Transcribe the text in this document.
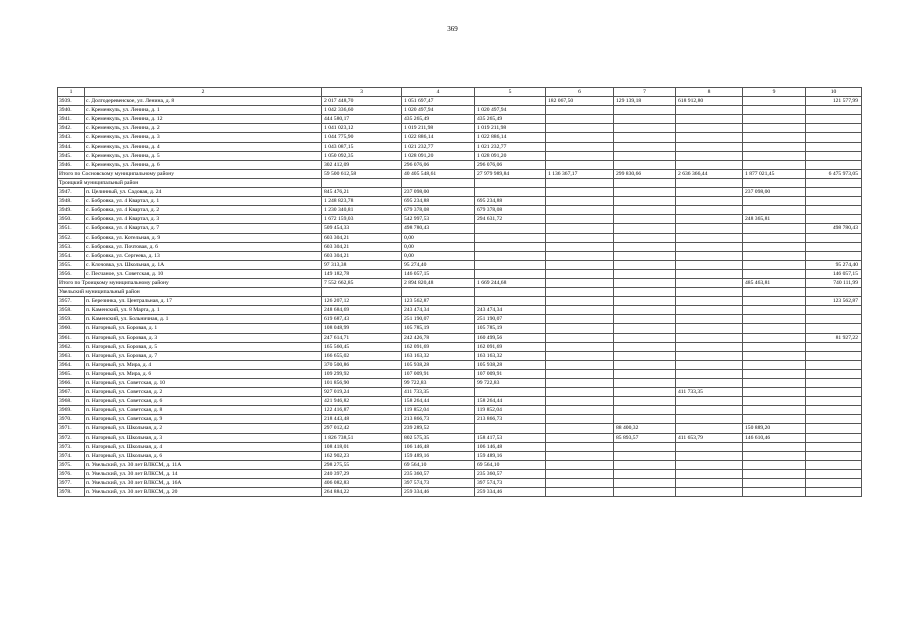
369
1	2	3	4	5	6	7	8	9	10
3939.	с. Долгодеревенское, ул. Ленина, д. 8	2 017 448,70	1 051 697,47		182 067,50	129 139,18	618 912,80		121 577,99
3940.	с. Кременкуль, ул. Ленина, д. 1	1 042 336,60	1 020 497,94	1 020 497,94					
3941.	с. Кременкуль, ул. Ленина, д. 12	444 580,17	435 265,49	435 265,49					
3942.	с. Кременкуль, ул. Ленина, д. 2	1 041 023,12	1 019 211,98	1 019 211,98					
3943.	с. Кременкуль, ул. Ленина, д. 3	1 044 775,90	1 022 886,14	1 022 886,14					
3944.	с. Кременкуль, ул. Ленина, д. 4	1 043 087,15	1 021 232,77	1 021 232,77					
3945.	с. Кременкуль, ул. Ленина, д. 5	1 050 092,35	1 028 091,20	1 028 091,20					
3946.	с. Кременкуль, ул. Ленина, д. 6	302 412,09	296 076,06	296 076,06					
Итого по Сосновскому муниципальному району		59 500 612,58	40 405 548,61	27 979 989,84	1 136 367,17	299 830,66	2 636 366,44	1 877 021,45	6 475 973,05
Троицкий муниципальный район									
3947.	п. Целинный, ул. Садовая, д. 24	845 476,21	237 098,00					237 098,00	
3948.	с. Бобровка, ул. 4 Квартал, д. 1	1 248 823,78	695 234,88	695 234,88					
3949.	с. Бобровка, ул. 4 Квартал, д. 2	1 230 340,81	679 378,08	679 378,08					
3950.	с. Бобровка, ул. 4 Квартал, д. 3	1 672 159,03	542 997,53	294 631,72				248 365,81	
3951.	с. Бобровка, ул. 4 Квартал, д. 7	509 454,33	498 780,43						498 780,43
3952.	с. Бобровка, ул. Котельная, д. 9	603 304,21	0,00						
3953.	с. Бобровка, ул. Почтовая, д. 6	603 304,21	0,00						
3954.	с. Бобровка, ул. Сергеева, д. 13	603 304,21	0,00						
3955.	с. Клочовка, ул. Школьная, д. 1А	97 313,38	95 274,40						95 274,40
3956.	с. Песчаное, ул. Советская, д. 10	149 182,78	146 057,15						146 057,15
Итого по Троицкому муниципальному району		7 552 662,85	2 894 820,48	1 669 244,68				485 463,81	740 111,99
Увельский муниципальный район									
3957.	п. Березинка, ул. Центральная, д. 17	126 207,12	123 562,87						123 562,87
3958.	п. Каменский, ул. 8 Марта, д. 1	248 684,69	243 474,34	243 474,34					
3959.	п. Каменский, ул. Больничная, д. 1	619 687,43	251 190,07	251 190,07					
3960.	п. Нагорный, ул. Боровая, д. 1	108 048,99	105 785,19	105 785,19					
3961.	п. Нагорный, ул. Боровая, д. 3	247 614,71	242 426,78	160 499,56					81 927,22
3962.	п. Нагорный, ул. Боровая, д. 5	165 560,45	162 091,69	162 091,69					
3963.	п. Нагорный, ул. Боровая, д. 7	166 655,02	163 163,32	163 163,32					
3964.	п. Нагорный, ул. Мира, д. 4	370 500,86	105 938,28	105 938,28					
3965.	п. Нагорный, ул. Мира, д. 6	109 299,92	107 009,91	107 009,91					
3966.	п. Нагорный, ул. Советская, д. 10	101 856,90	99 722,83	99 722,83					
3967.	п. Нагорный, ул. Советская, д. 2	927 019,24	411 733,35				411 733,35		
3968.	п. Нагорный, ул. Советская, д. 6	421 946,82	158 264,44	158 264,44					
3969.	п. Нагорный, ул. Советская, д. 8	122 416,87	119 852,04	119 852,04					
3970.	п. Нагорный, ул. Советская, д. 9	218 443,48	213 866,73	213 866,73					
3971.	п. Нагорный, ул. Школьная, д. 2	297 012,42	239 289,52			88 400,32		150 889,20	
3972.	п. Нагорный, ул. Школьная, д. 3	1 826 738,51	802 575,35	158 417,53		85 893,57	411 653,79	146 610,46	
3973.	п. Нагорный, ул. Школьная, д. 4	108 418,01	106 146,48	106 146,48					
3974.	п. Нагорный, ул. Школьная, д. 6	162 902,23	159 489,16	159 489,16					
3975.	п. Увельский, ул. 30 лет ВЛКСМ, д. 11А	298 275,55	69 564,10	69 564,10					
3976.	п. Увельский, ул. 30 лет ВЛКСМ, д. 14	240 397,29	235 360,57	235 360,57					
3977.	п. Увельский, ул. 30 лет ВЛКСМ, д. 16А	406 082,83	397 574,73	397 574,73					
3978.	п. Увельский, ул. 30 лет ВЛКСМ, д. 20	264 884,22	259 334,46	259 334,46					
